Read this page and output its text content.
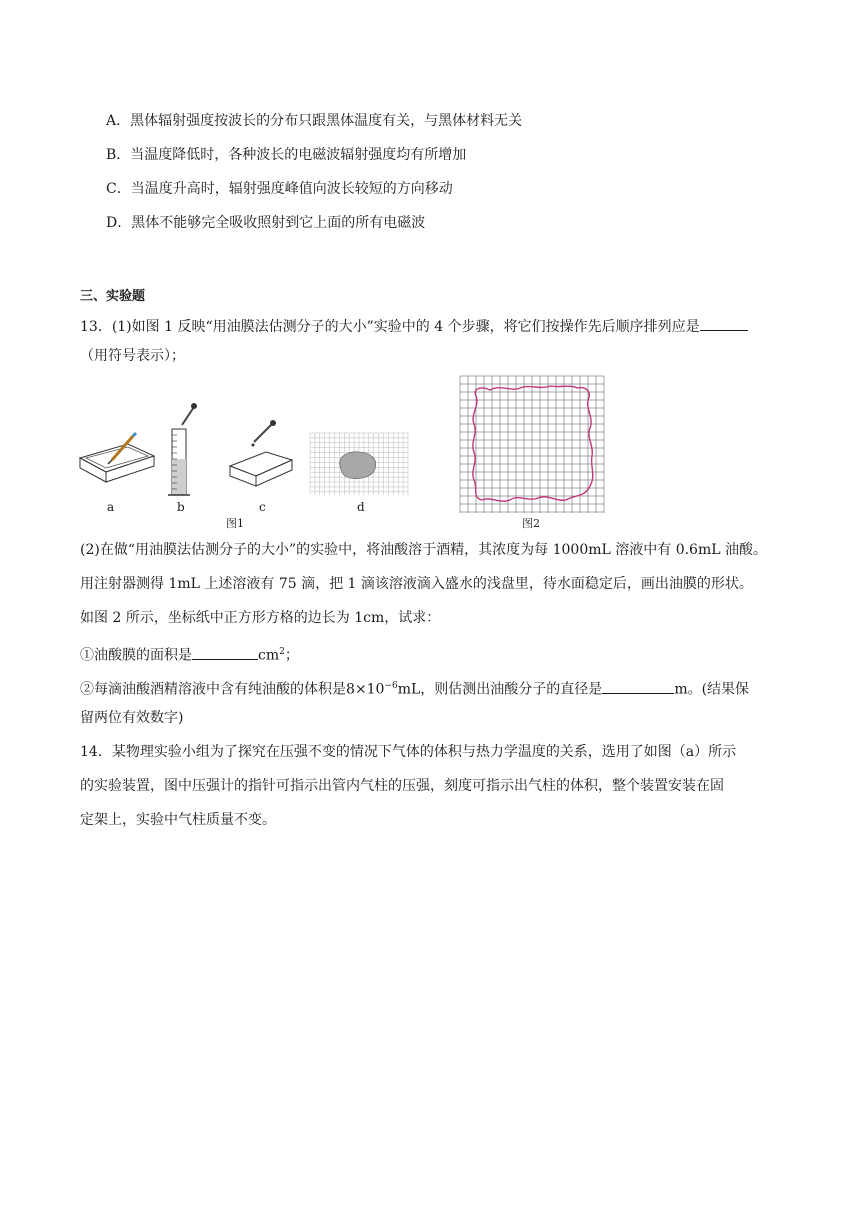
A．黑体辐射强度按波长的分布只跟黑体温度有关，与黑体材料无关
B．当温度降低时，各种波长的电磁波辐射强度均有所增加
C．当温度升高时，辐射强度峰值向波长较短的方向移动
D．黑体不能够完全吸收照射到它上面的所有电磁波
三、实验题
13．(1)如图 1 反映“用油膜法估测分子的大小”实验中的 4 个步骤，将它们按操作先后顺序排列应是
（用符号表示）；
a	b	c	d
图1	图2
(2)在做“用油膜法估测分子的大小”的实验中，将油酸溶于酒精，其浓度为每 1000mL 溶液中有 0.6mL 油酸。
用注射器测得 1mL 上述溶液有 75 滴，把 1 滴该溶液滴入盛水的浅盘里，待水面稳定后，画出油膜的形状。
如图 2 所示，坐标纸中正方形方格的边长为 1cm，试求：
①油酸膜的面积是	$cm^2$；
②每滴油酸酒精溶液中含有纯油酸的体积是$8\times 10^{-6}mL$，则估测出油酸分子的直径是	m。(结果保
留两位有效数字)
14．某物理实验小组为了探究在压强不变的情况下气体的体积与热力学温度的关系，选用了如图（a）所示
的实验装置，图中压强计的指针可指示出管内气柱的压强，刻度可指示出气柱的体积，整个装置安装在固
定架上，实验中气柱质量不变。
